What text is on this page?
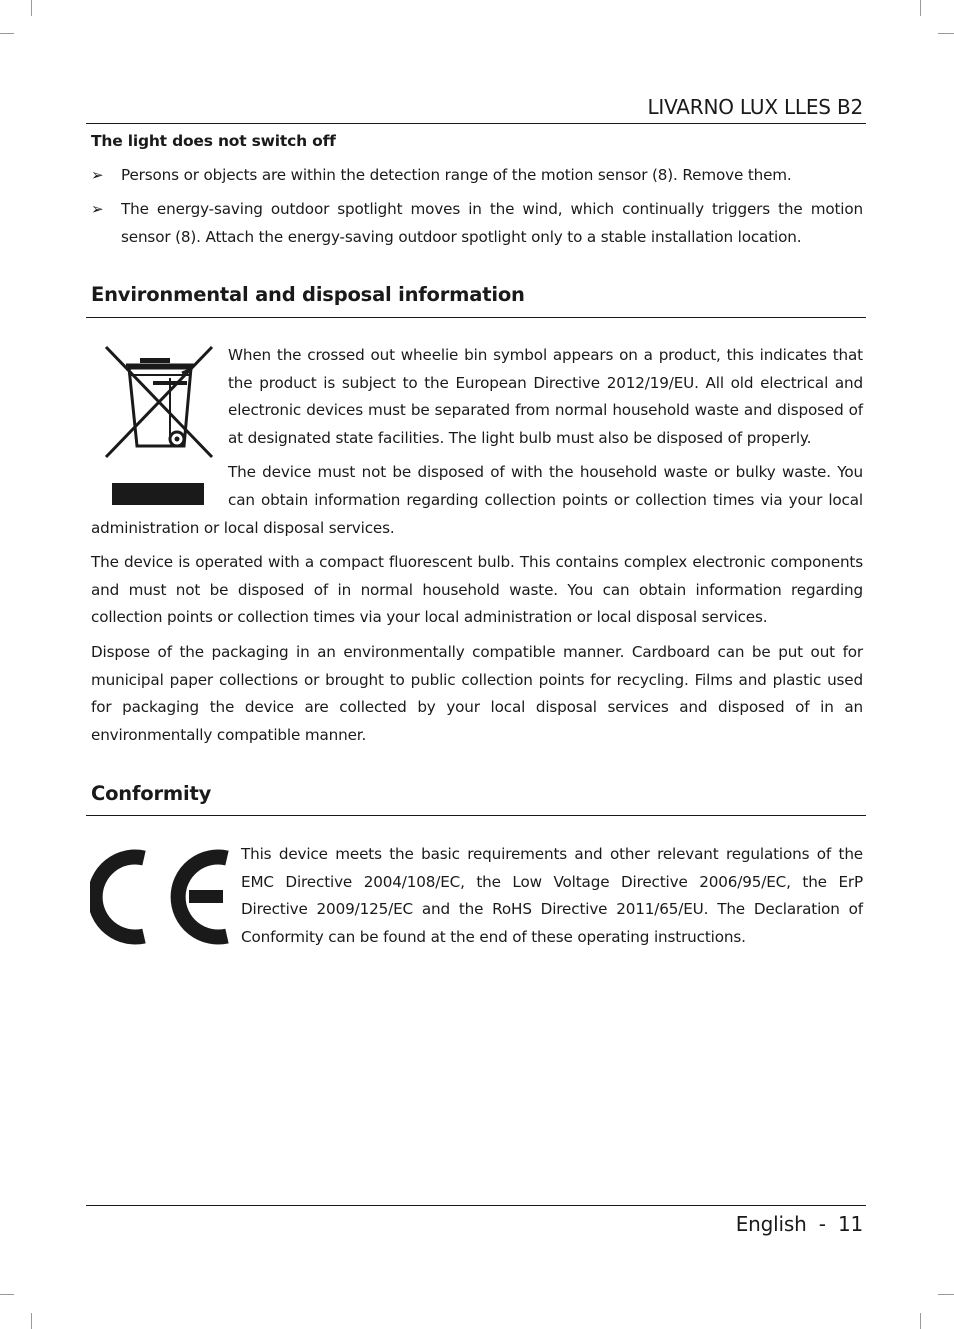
LIVARNO LUX LLES B2
The light does not switch off
➢	Persons or objects are within the detection range of the motion sensor (8). Remove them.
➢	The energy-saving outdoor spotlight moves in the wind, which continually triggers the motion sensor (8). Attach the energy-saving outdoor spotlight only to a stable installation location.
Environmental and disposal information

When the crossed out wheelie bin symbol appears on a product, this indicates that the product is subject to the European Directive 2012/19/EU. All old electrical and electronic devices must be separated from normal household waste and disposed of at designated state facilities. The light bulb must also be disposed of properly.

The device must not be disposed of with the household waste or bulky waste. You can obtain information regarding collection points or collection times via your local administration or local disposal services.

The device is operated with a compact fluorescent bulb. This contains complex electronic components and must not be disposed of in normal household waste. You can obtain information regarding collection points or collection times via your local administration or local disposal services.

Dispose of the packaging in an environmentally compatible manner. Cardboard can be put out for municipal paper collections or brought to public collection points for recycling. Films and plastic used for packaging the device are collected by your local disposal services and disposed of in an environmentally compatible manner.

Conformity

This device meets the basic requirements and other relevant regulations of the EMC Directive 2004/108/EC, the Low Voltage Directive 2006/95/EC, the ErP Directive 2009/125/EC and the RoHS Directive 2011/65/EU. The Declaration of Conformity can be found at the end of these operating instructions.

English - 11
